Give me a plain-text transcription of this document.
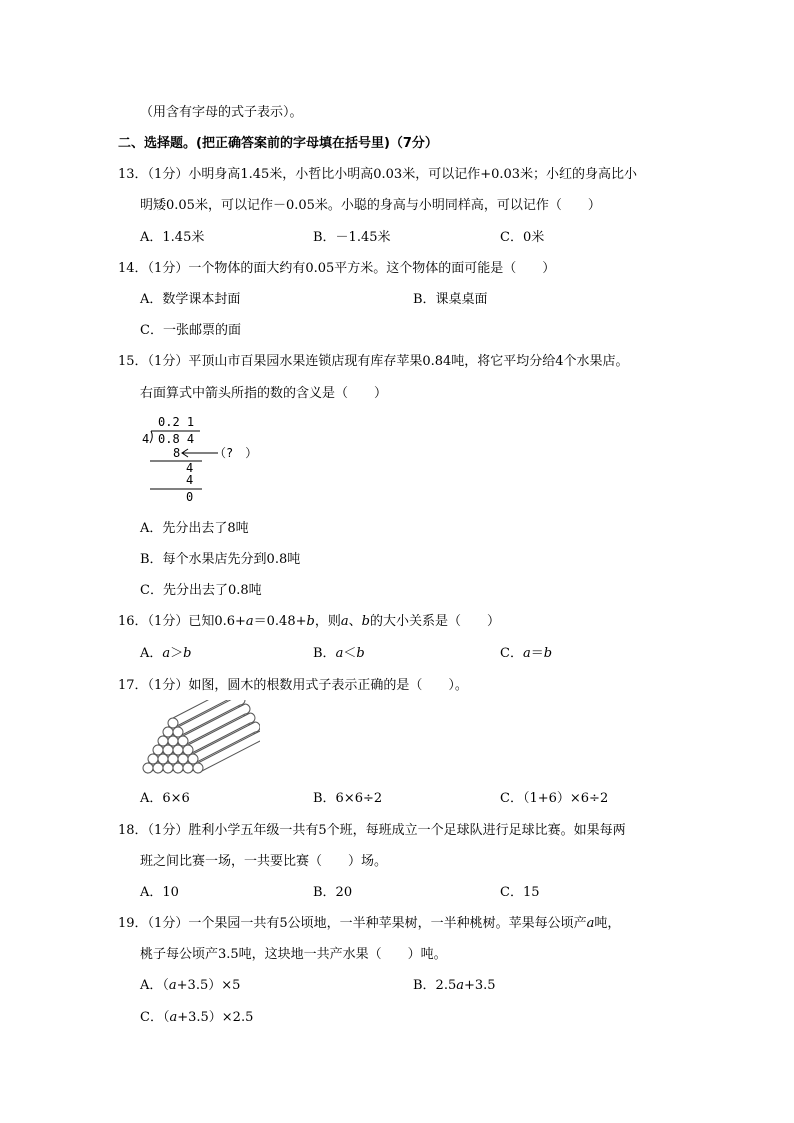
（用含有字母的式子表示）。
二、选择题。(把正确答案前的字母填在括号里)（7分）
13．（1分）小明身高1.45米，小哲比小明高0.03米，可以记作+0.03米；小红的身高比小
明矮0.05米，可以记作－0.05米。小聪的身高与小明同样高，可以记作（　　）
A．1.45米	B．－1.45米	C．0米
14．（1分）一个物体的面大约有0.05平方米。这个物体的面可能是（　　）
A．数学课本封面	B．课桌桌面
C．一张邮票的面
15．（1分）平顶山市百果园水果连锁店现有库存苹果0.84吨，将它平均分给4个水果店。
右面算式中箭头所指的数的含义是（　　）
0.2 1
4 0.8 4
8	（?　）
4
4
0
A．先分出去了8吨
B．每个水果店先分到0.8吨
C．先分出去了0.8吨
16．（1分）已知0.6+a＝0.48+b，则a、b的大小关系是（　　）
A．a＞b	B．a＜b	C．a＝b
17．（1分）如图，圆木的根数用式子表示正确的是（　　）。
A．6×6	B．6×6÷2	C．（1+6）×6÷2
18．（1分）胜利小学五年级一共有5个班，每班成立一个足球队进行足球比赛。如果每两
班之间比赛一场，一共要比赛（　　）场。
A．10	B．20	C．15
19．（1分）一个果园一共有5公顷地，一半种苹果树，一半种桃树。苹果每公顷产a吨，
桃子每公顷产3.5吨，这块地一共产水果（　　）吨。
A．（a+3.5）×5	B．2.5a+3.5
C．（a+3.5）×2.5
